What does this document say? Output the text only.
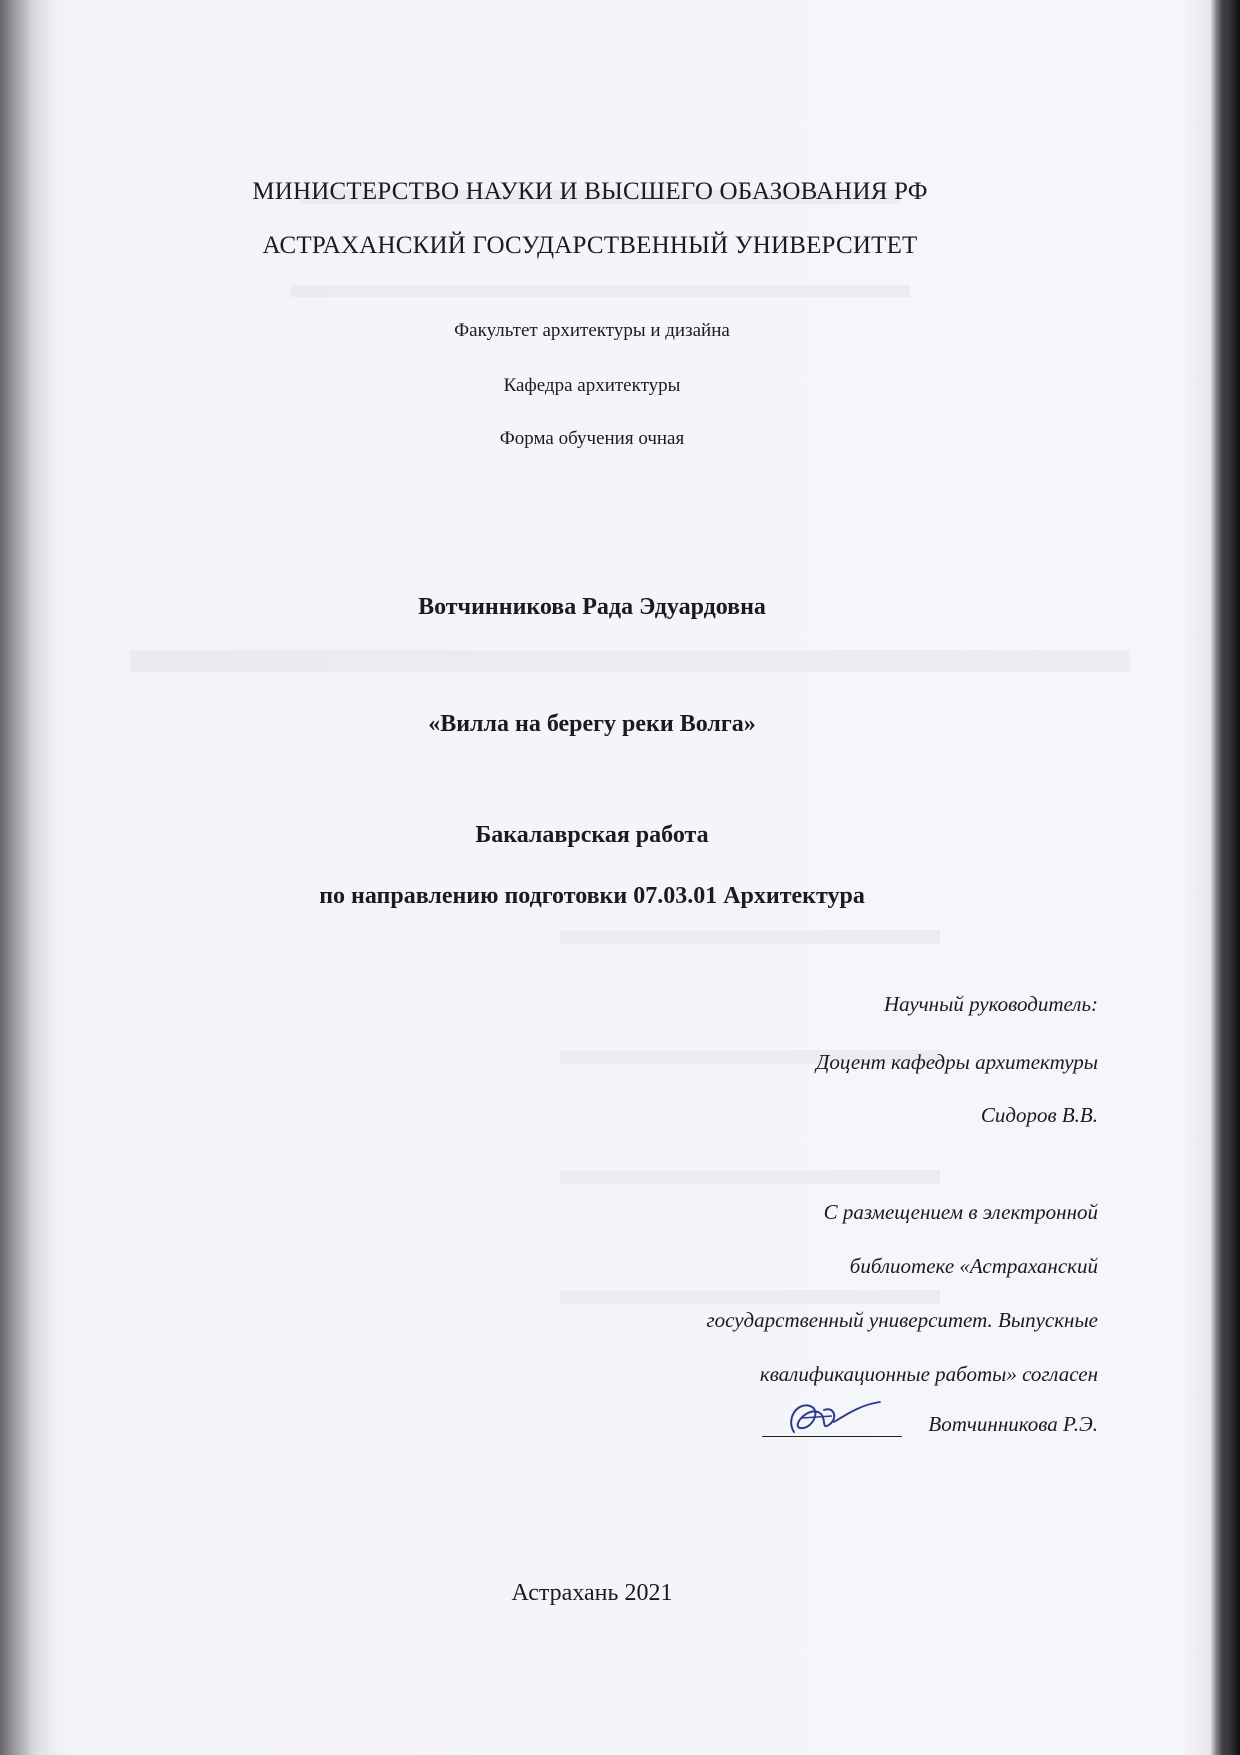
МИНИСТЕРСТВО НАУКИ И ВЫСШЕГО ОБАЗОВАНИЯ РФ
АСТРАХАНСКИЙ ГОСУДАРСТВЕННЫЙ УНИВЕРСИТЕТ
Факультет архитектуры и дизайна
Кафедра архитектуры
Форма обучения очная
Вотчинникова Рада Эдуардовна
«Вилла на берегу реки Волга»
Бакалаврская работа
по направлению подготовки 07.03.01 Архитектура
Научный руководитель:
Доцент кафедры архитектуры
Сидоров В.В.
С размещением в электронной
библиотеке «Астраханский
государственный университет. Выпускные
квалификационные работы» согласен
Вотчинникова Р.Э.
Астрахань 2021
